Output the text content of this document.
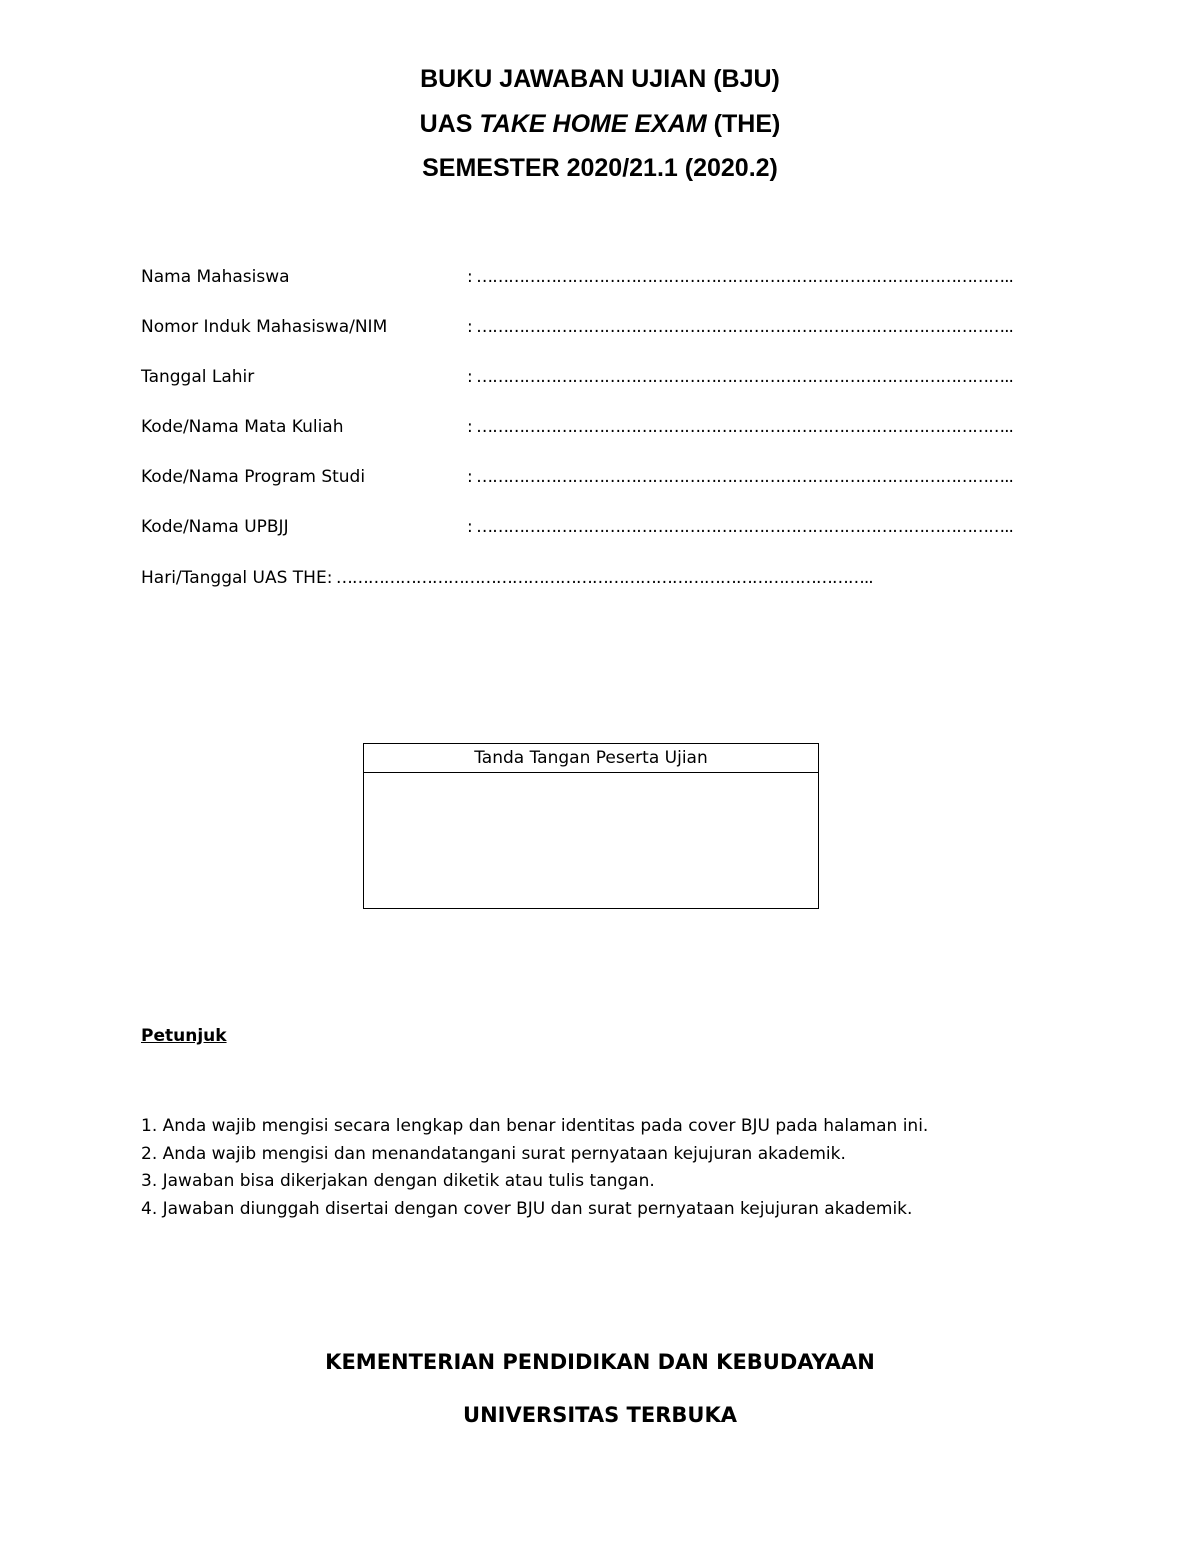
BUKU JAWABAN UJIAN (BJU)
UAS TAKE HOME EXAM (THE)
SEMESTER 2020/21.1 (2020.2)
Nama Mahasiswa	: ………………………………………………………………………………………..
Nomor Induk Mahasiswa/NIM	: ………………………………………………………………………………………..
Tanggal Lahir	: ………………………………………………………………………………………..
Kode/Nama Mata Kuliah	: ………………………………………………………………………………………..
Kode/Nama Program Studi	: ………………………………………………………………………………………..
Kode/Nama UPBJJ	: ………………………………………………………………………………………..
Hari/Tanggal UAS THE: ………………………………………………………………………………………..
Tanda Tangan Peserta Ujian
Petunjuk
1. Anda wajib mengisi secara lengkap dan benar identitas pada cover BJU pada halaman ini.
2. Anda wajib mengisi dan menandatangani surat pernyataan kejujuran akademik.
3. Jawaban bisa dikerjakan dengan diketik atau tulis tangan.
4. Jawaban diunggah disertai dengan cover BJU dan surat pernyataan kejujuran akademik.
KEMENTERIAN PENDIDIKAN DAN KEBUDAYAAN
UNIVERSITAS TERBUKA
